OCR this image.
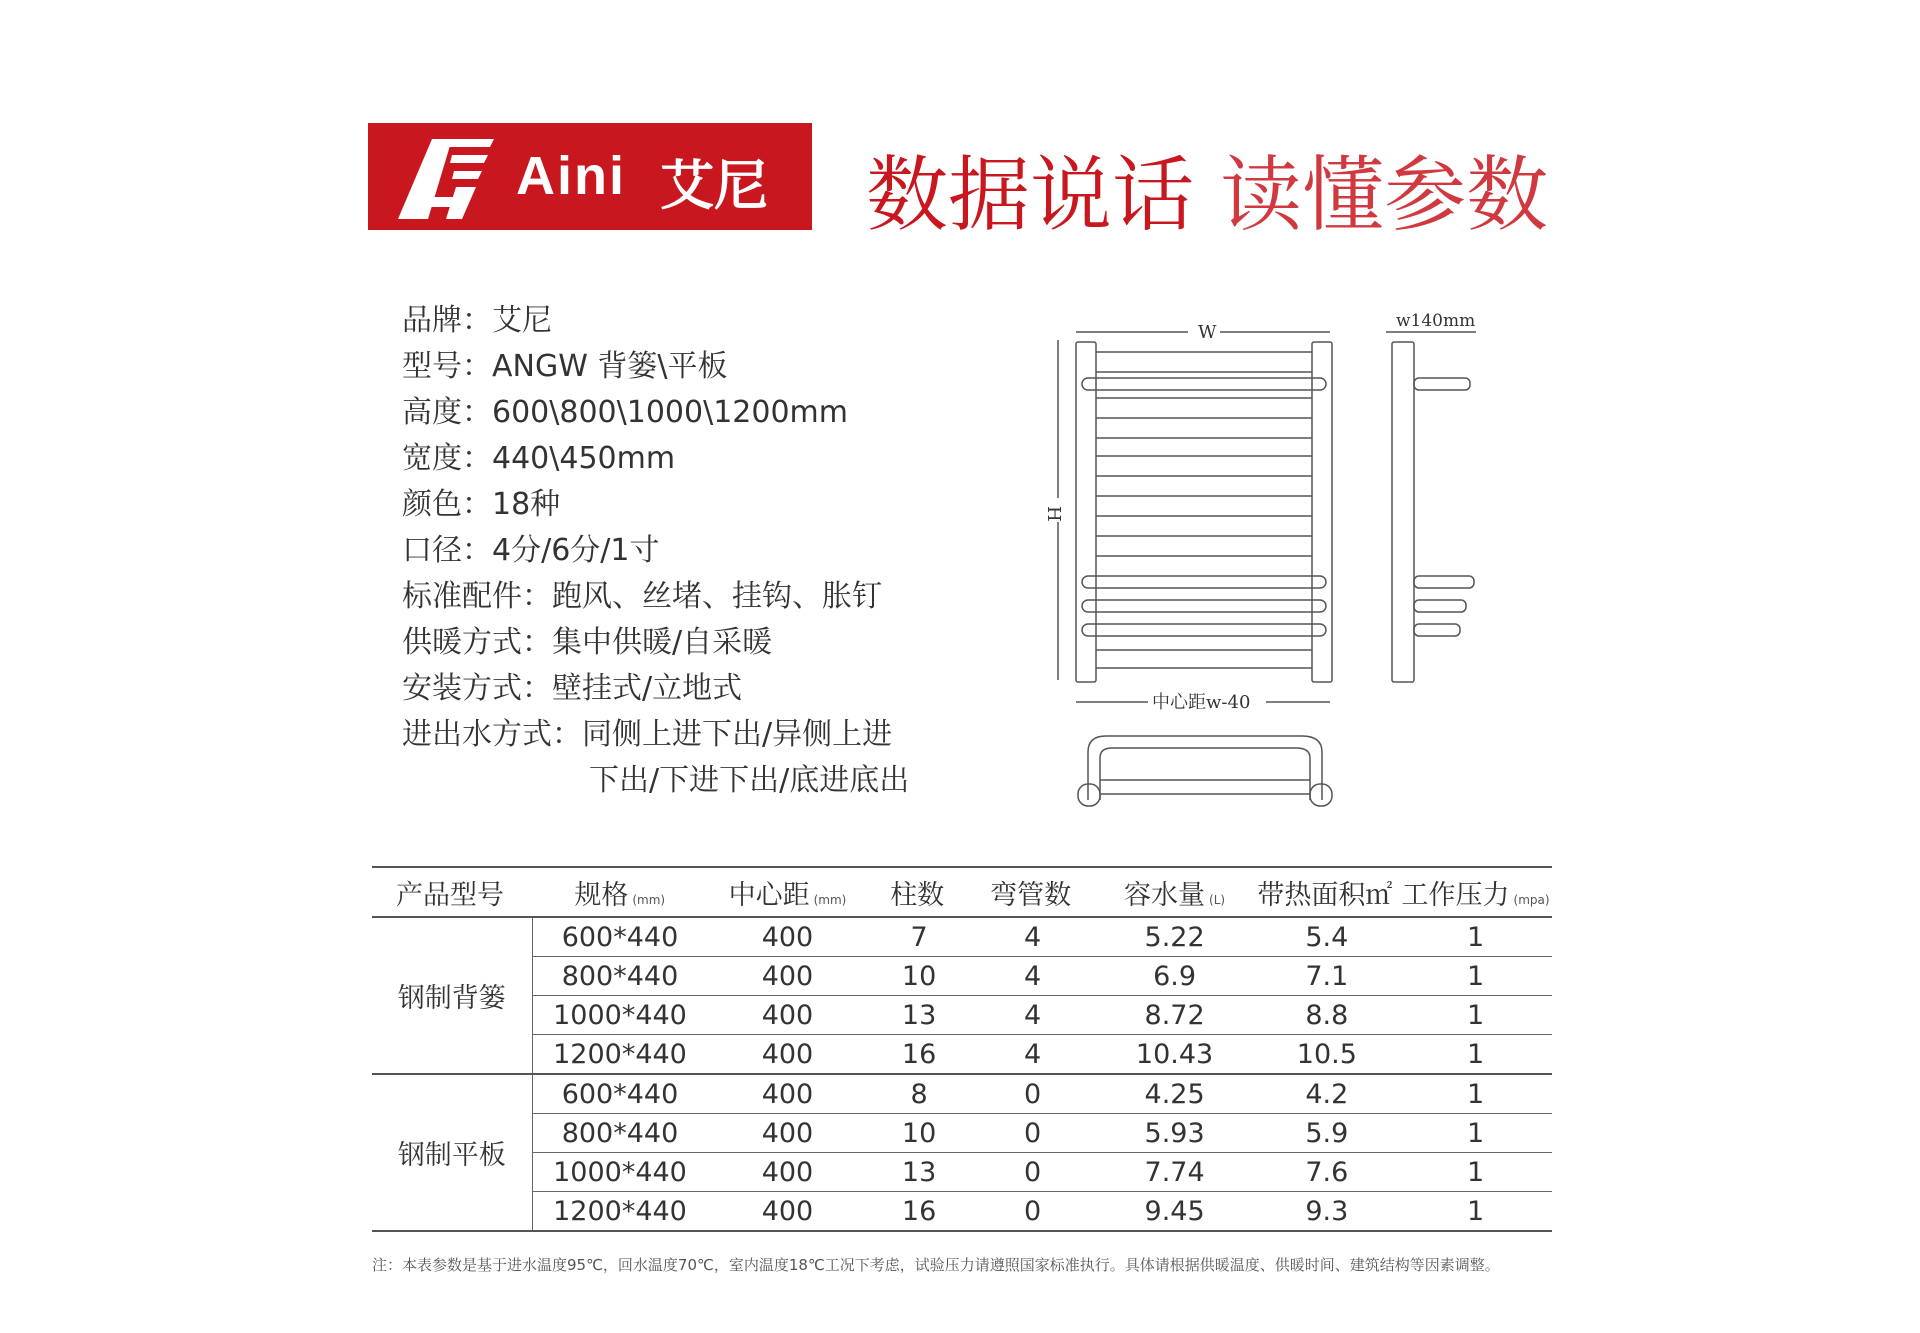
Aini 艾尼 数据说话 读懂参数
品牌：艾尼
型号：ANGW 背篓\平板
高度：600\800\1000\1200mm
宽度：440\450mm
颜色：18种
口径：4分/6分/1寸
标准配件：跑风、丝堵、挂钩、胀钉
供暖方式：集中供暖/自采暖
安装方式：壁挂式/立地式
进出水方式：同侧上进下出/异侧上进
下出/下进下出/底进底出
W
H
w140mm
中心距w-40
产品型号	规格 (mm)	中心距 (mm)	柱数	弯管数	容水量 (L)	带热面积㎡	工作压力 (mpa)
钢制背篓	600*440	400	7	4	5.22	5.4	1
	800*440	400	10	4	6.9	7.1	1
	1000*440	400	13	4	8.72	8.8	1
	1200*440	400	16	4	10.43	10.5	1
钢制平板	600*440	400	8	0	4.25	4.2	1
	800*440	400	10	0	5.93	5.9	1
	1000*440	400	13	0	7.74	7.6	1
	1200*440	400	16	0	9.45	9.3	1
注：本表参数是基于进水温度95℃，回水温度70℃，室内温度18℃工况下考虑，试验压力请遵照国家标准执行。具体请根据供暖温度、供暖时间、建筑结构等因素调整。
